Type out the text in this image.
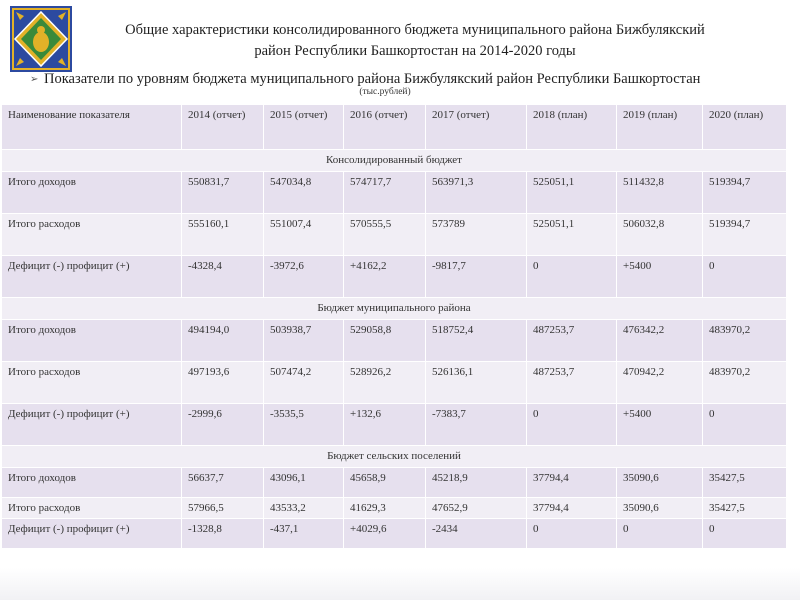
Общие характеристики консолидированного бюджета муниципального района Бижбулякский
район Республики Башкортостан на 2014-2020 годы
➢ Показатели по уровням бюджета муниципального района Бижбулякский район Республики Башкортостан
(тыс.рублей)
Наименование показателя	2014 (отчет)	2015 (отчет)	2016 (отчет)	2017 (отчет)	2018 (план)	2019 (план)	2020 (план)
Консолидированный бюджет							
Итого доходов	550831,7	547034,8	574717,7	563971,3	525051,1	511432,8	519394,7
Итого расходов	555160,1	551007,4	570555,5	573789	525051,1	506032,8	519394,7
Дефицит (-) профицит (+)	-4328,4	-3972,6	+4162,2	-9817,7	0	+5400	0
Бюджет муниципального района							
Итого доходов	494194,0	503938,7	529058,8	518752,4	487253,7	476342,2	483970,2
Итого расходов	497193,6	507474,2	528926,2	526136,1	487253,7	470942,2	483970,2
Дефицит (-) профицит (+)	-2999,6	-3535,5	+132,6	-7383,7	0	+5400	0
Бюджет сельских поселений							
Итого доходов	56637,7	43096,1	45658,9	45218,9	37794,4	35090,6	35427,5
Итого расходов	57966,5	43533,2	41629,3	47652,9	37794,4	35090,6	35427,5
Дефицит (-) профицит (+)	-1328,8	-437,1	+4029,6	-2434	0	0	0
